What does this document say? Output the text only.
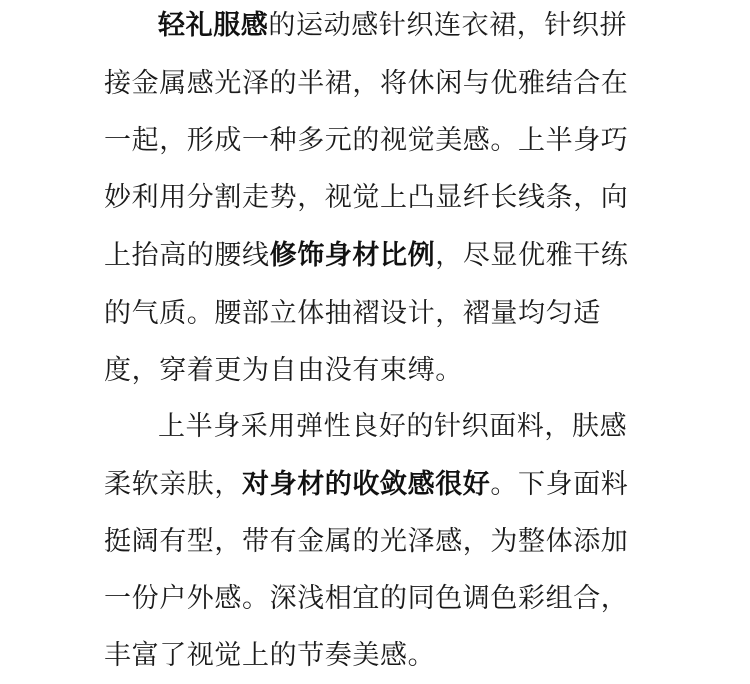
轻礼服感的运动感针织连衣裙，针织拼
接金属感光泽的半裙，将休闲与优雅结合在
一起，形成一种多元的视觉美感。上半身巧
妙利用分割走势，视觉上凸显纤长线条，向
上抬高的腰线修饰身材比例，尽显优雅干练
的气质。腰部立体抽褶设计，褶量均匀适
度，穿着更为自由没有束缚。
上半身采用弹性良好的针织面料，肤感
柔软亲肤，对身材的收敛感很好。下身面料
挺阔有型，带有金属的光泽感，为整体添加
一份户外感。深浅相宜的同色调色彩组合，
丰富了视觉上的节奏美感。
